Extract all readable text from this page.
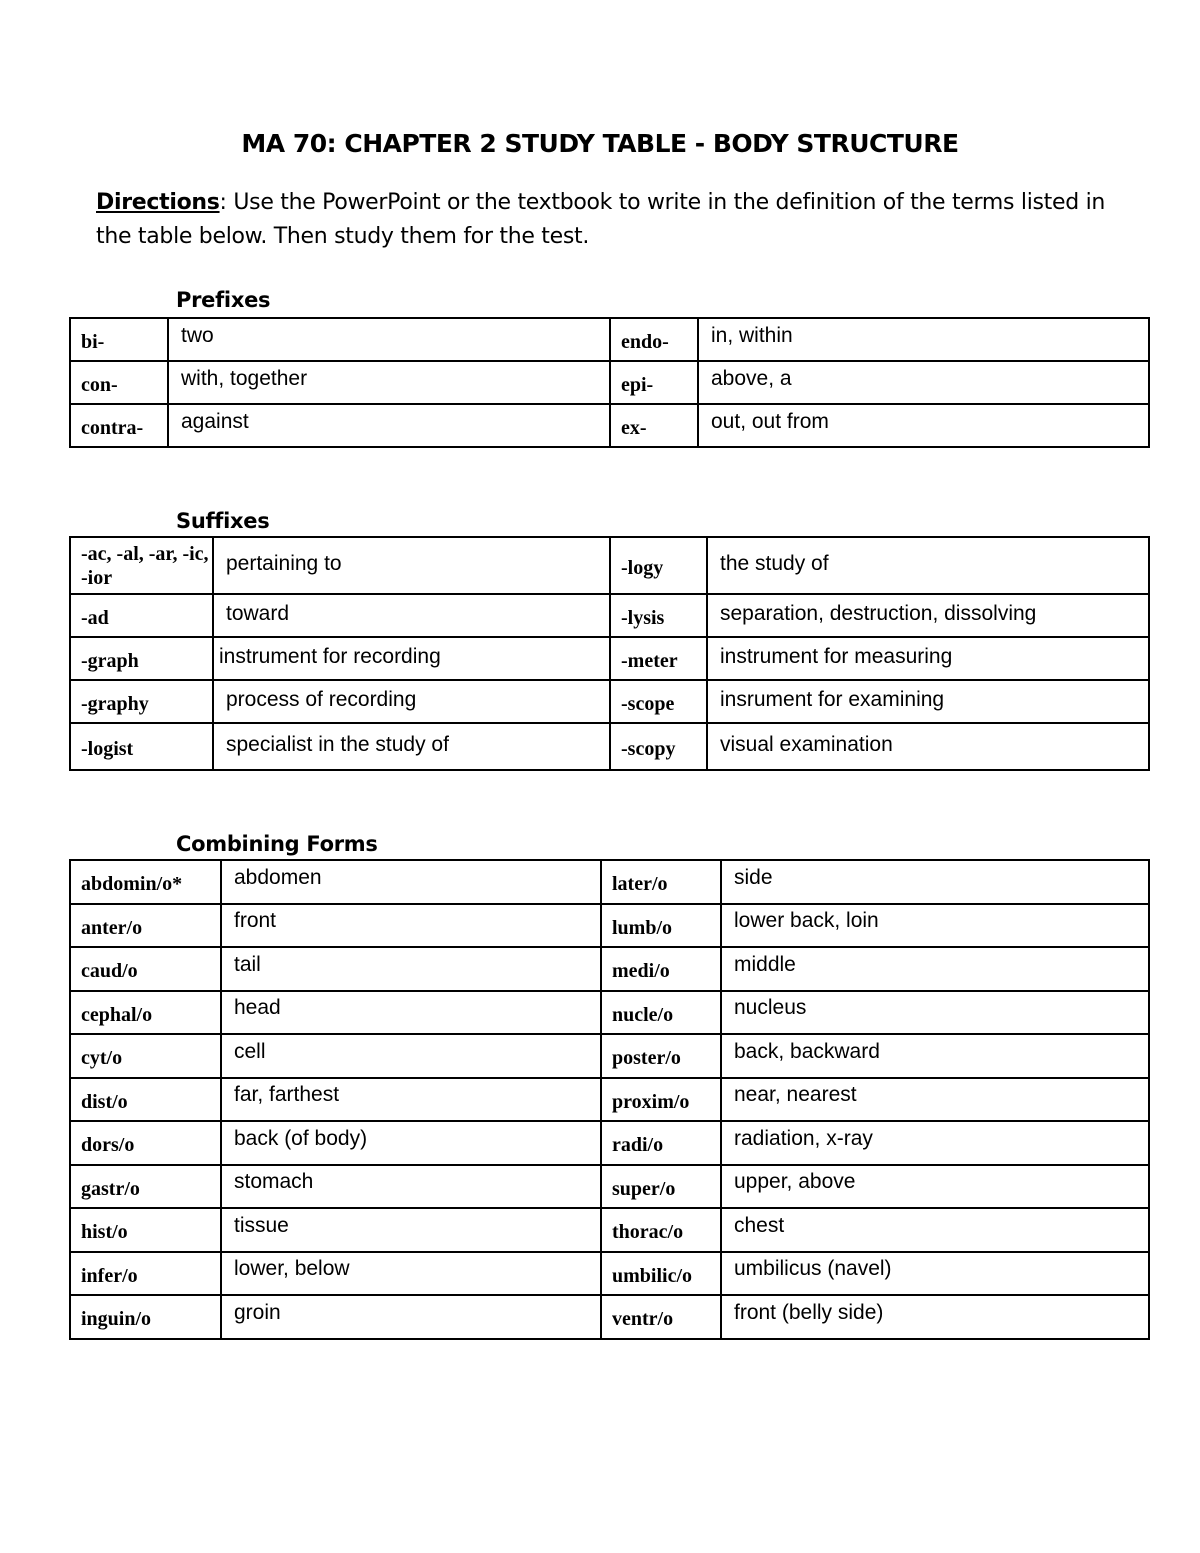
MA 70: CHAPTER 2 STUDY TABLE - BODY STRUCTURE
Directions: Use the PowerPoint or the textbook to write in the definition of the terms listed in the table below. Then study them for the test.
Prefixes
bi-	two	endo-	in, within
con-	with, together	epi-	above, a
contra-	against	ex-	out, out from
Suffixes
-ac, -al, -ar, -ic, -ior	pertaining to	-logy	the study of
-ad	toward	-lysis	separation, destruction, dissolving
-graph	instrument for recording	-meter	instrument for measuring
-graphy	process of recording	-scope	insrument for examining
-logist	specialist in the study of	-scopy	visual examination
Combining Forms
abdomin/o*	abdomen	later/o	side
anter/o	front	lumb/o	lower back, loin
caud/o	tail	medi/o	middle
cephal/o	head	nucle/o	nucleus
cyt/o	cell	poster/o	back, backward
dist/o	far, farthest	proxim/o	near, nearest
dors/o	back (of body)	radi/o	radiation, x-ray
gastr/o	stomach	super/o	upper, above
hist/o	tissue	thorac/o	chest
infer/o	lower, below	umbilic/o	umbilicus (navel)
inguin/o	groin	ventr/o	front (belly side)
